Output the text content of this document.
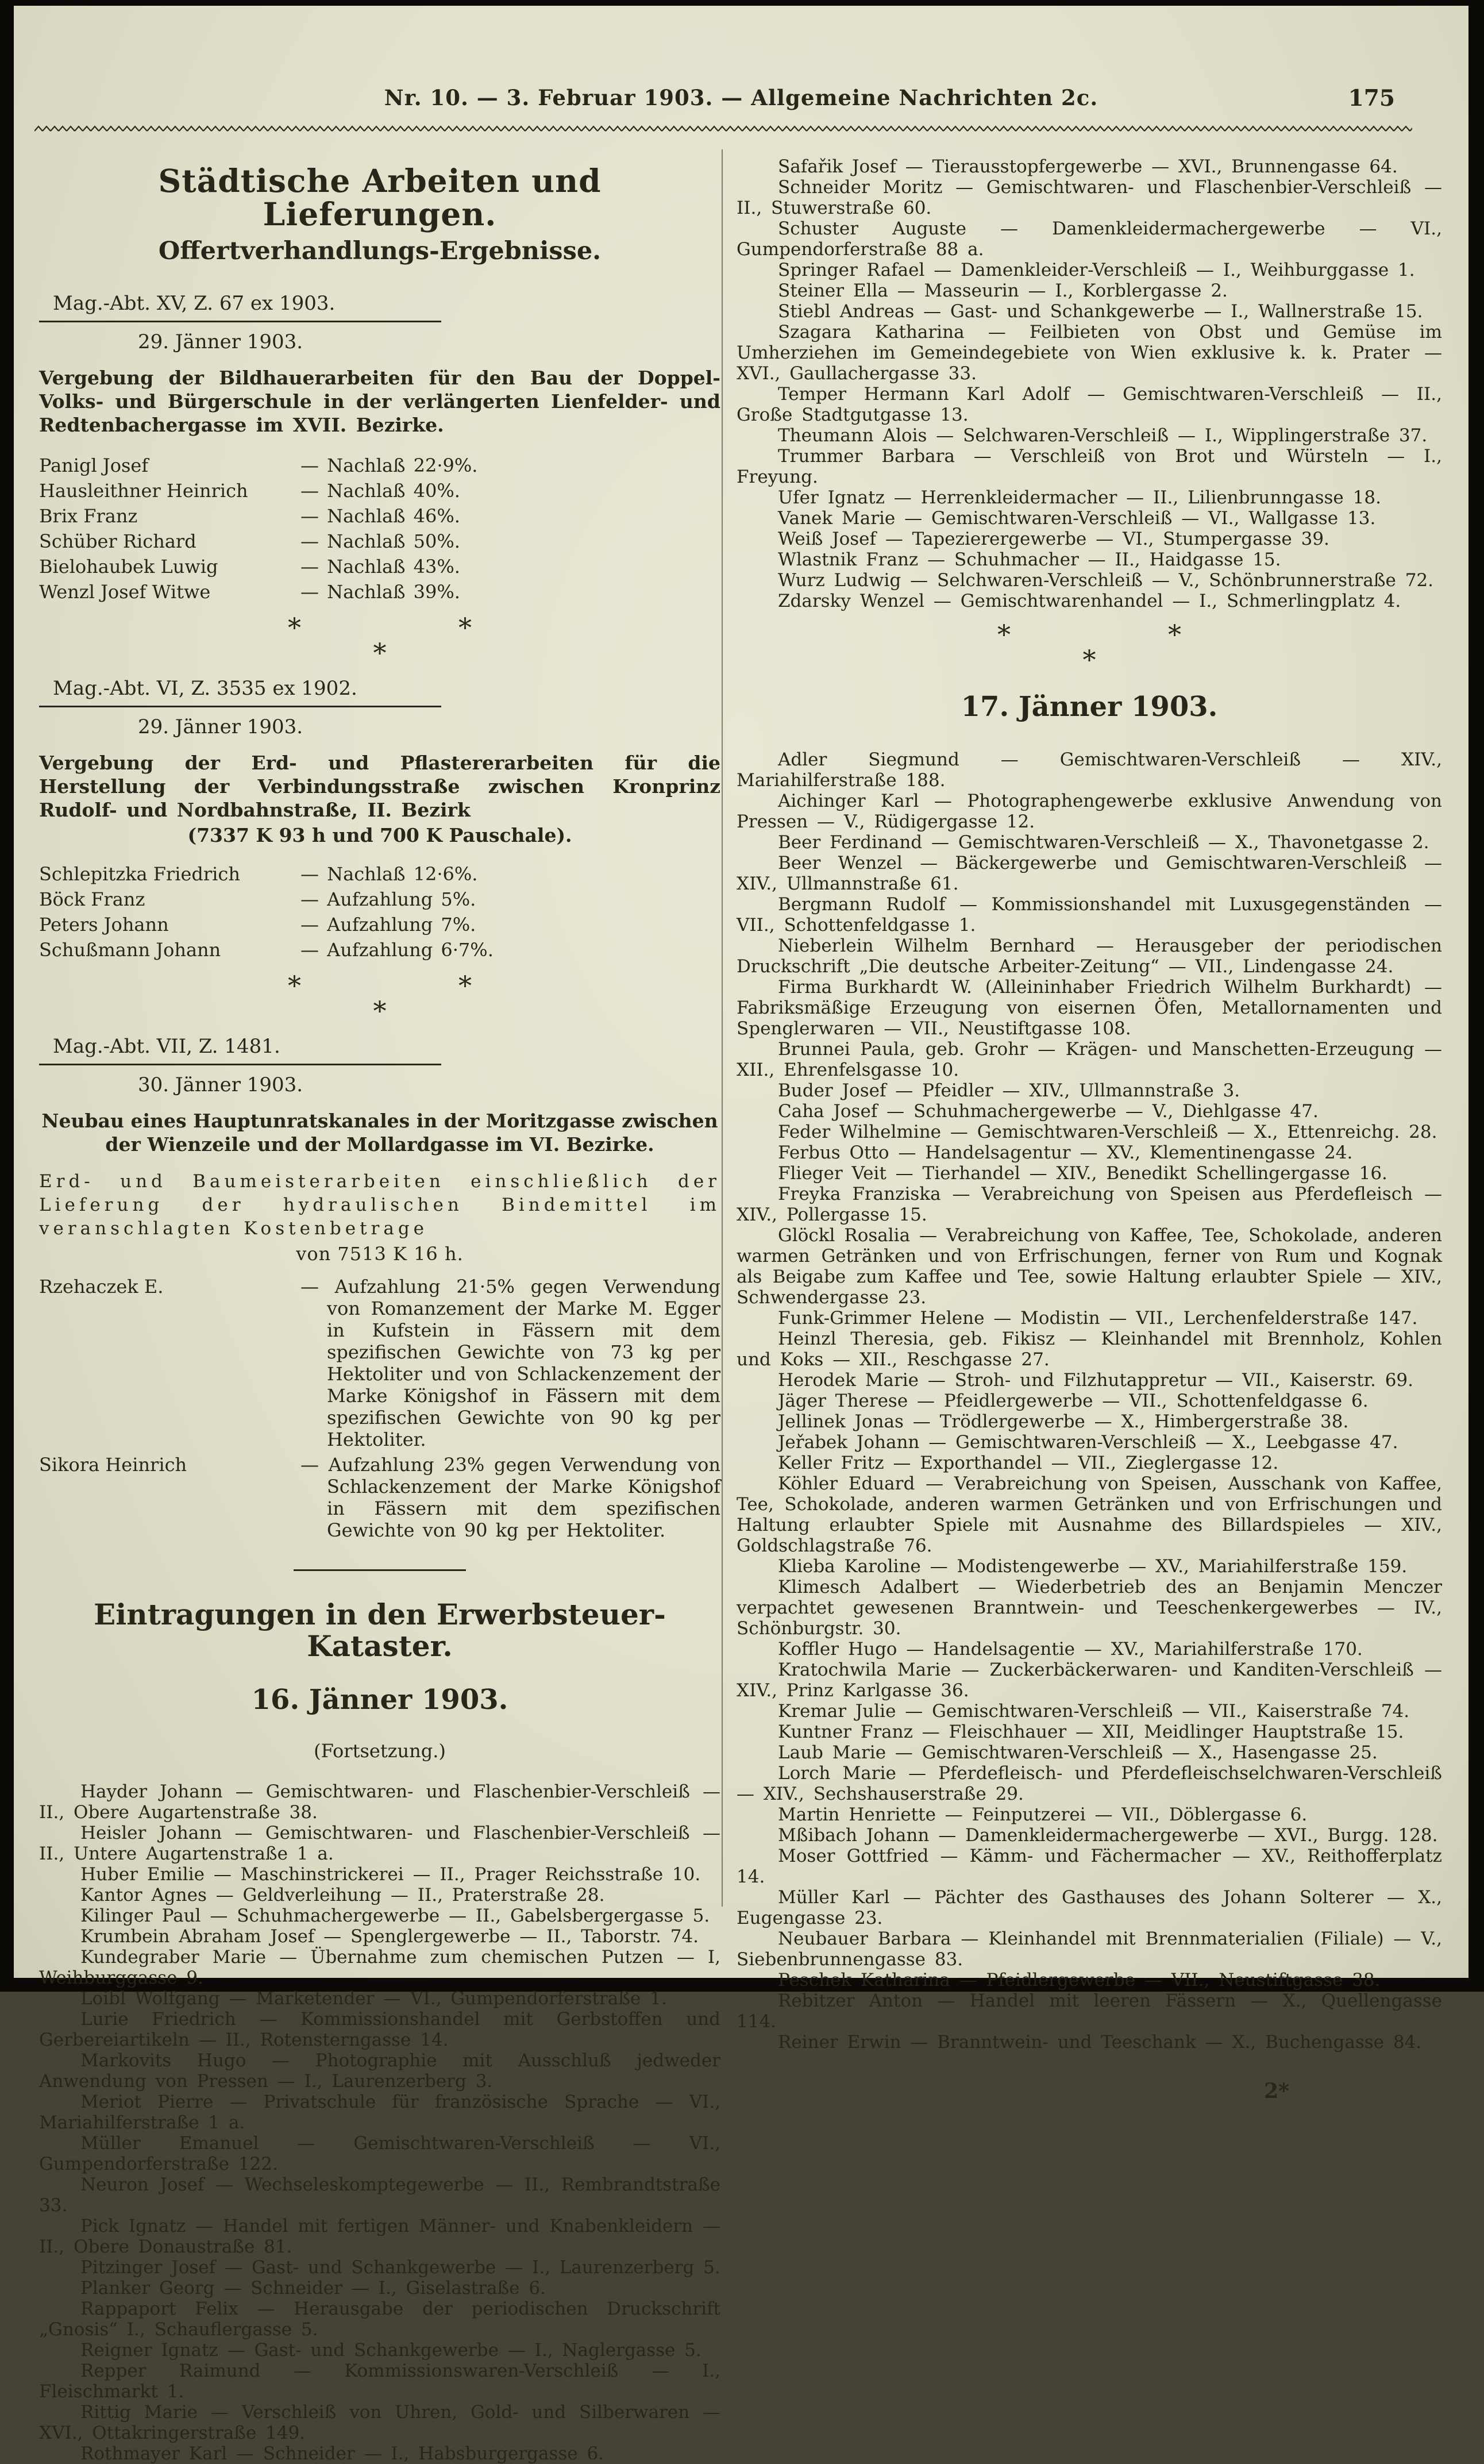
Nr. 10. — 3. Februar 1903. — Allgemeine Nachrichten 2c.	175
Städtische Arbeiten und Lieferungen.
Offertverhandlungs-Ergebnisse.
Mag.-Abt. XV, Z. 67 ex 1903.
29. Jänner 1903.

Vergebung der Bildhauerarbeiten für den Bau der Doppel-Volks- und Bürgerschule in der verlängerten Lienfelder- und Redtenbachergasse im XVII. Bezirke.

Panigl Josef	— Nachlaß 22·9%.
Hausleithner Heinrich	— Nachlaß 40%.
Brix Franz	— Nachlaß 46%.
Schüber Richard	— Nachlaß 50%.
Bielohaubek Luwig	— Nachlaß 43%.
Wenzl Josef Witwe	— Nachlaß 39%.
*	*
*
Mag.-Abt. VI, Z. 3535 ex 1902.
29. Jänner 1903.

Vergebung der Erd- und Pflastererarbeiten für die Herstellung der Verbindungsstraße zwischen Kronprinz Rudolf- und Nordbahnstraße, II. Bezirk

(7337 K 93 h und 700 K Pauschale).

Schlepitzka Friedrich	— Nachlaß 12·6%.
Böck Franz	— Aufzahlung 5%.
Peters Johann	— Aufzahlung 7%.
Schußmann Johann	— Aufzahlung 6·7%.
*	*
*
Mag.-Abt. VII, Z. 1481.
30. Jänner 1903.

Neubau eines Hauptunratskanales in der Moritzgasse zwischen der Wienzeile und der Mollardgasse im VI. Bezirke.

Erd- und Baumeisterarbeiten einschließlich der Lieferung der hydraulischen Bindemittel im veranschlagten Kostenbetrage

von 7513 K 16 h.

Rzehaczek E.	— Aufzahlung 21·5% gegen Verwendung von Romanzement der Marke M. Egger in Kufstein in Fässern mit dem spezifischen Gewichte von 73 kg per Hektoliter und von Schlackenzement der Marke Königshof in Fässern mit dem spezifischen Gewichte von 90 kg per Hektoliter.
Sikora Heinrich	— Aufzahlung 23% gegen Verwendung von Schlackenzement der Marke Königshof in Fässern mit dem spezifischen Gewichte von 90 kg per Hektoliter.
Eintragungen in den Erwerbsteuer-Kataster.
16. Jänner 1903.
(Fortsetzung.)

Hayder Johann — Gemischtwaren- und Flaschenbier-Verschleiß — II., Obere Augartenstraße 38.

Heisler Johann — Gemischtwaren- und Flaschenbier-Verschleiß — II., Untere Augartenstraße 1 a.

Huber Emilie — Maschinstrickerei — II., Prager Reichsstraße 10.

Kantor Agnes — Geldverleihung — II., Praterstraße 28.

Kilinger Paul — Schuhmachergewerbe — II., Gabelsbergergasse 5.

Krumbein Abraham Josef — Spenglergewerbe — II., Taborstr. 74.

Kundegraber Marie — Übernahme zum chemischen Putzen — I, Weihburggasse 9.

Loibl Wolfgang — Marketender — VI., Gumpendorferstraße 1.

Lurie Friedrich — Kommissionshandel mit Gerbstoffen und Gerbereiartikeln — II., Rotensterngasse 14.

Markovits Hugo — Photographie mit Ausschluß jedweder Anwendung von Pressen — I., Laurenzerberg 3.

Meriot Pierre — Privatschule für französische Sprache — VI., Mariahilferstraße 1 a.

Müller Emanuel — Gemischtwaren-Verschleiß — VI., Gumpendorferstraße 122.

Neuron Josef — Wechseleskomptegewerbe — II., Rembrandtstraße 33.

Pick Ignatz — Handel mit fertigen Männer- und Knabenkleidern — II., Obere Donaustraße 81.

Pitzinger Josef — Gast- und Schankgewerbe — I., Laurenzerberg 5.

Planker Georg — Schneider — I., Giselastraße 6.

Rappaport Felix — Herausgabe der periodischen Druckschrift „Gnosis“ I., Schauflergasse 5.

Reigner Ignatz — Gast- und Schankgewerbe — I., Naglergasse 5.

Repper Raimund — Kommissionswaren-Verschleiß — I., Fleischmarkt 1.

Rittig Marie — Verschleiß von Uhren, Gold- und Silberwaren — XVI., Ottakringerstraße 149.

Rothmayer Karl — Schneider — I., Habsburgergasse 6.

Safařik Josef — Tierausstopfergewerbe — XVI., Brunnengasse 64.

Schneider Moritz — Gemischtwaren- und Flaschenbier-Verschleiß — II., Stuwerstraße 60.

Schuster Auguste — Damenkleidermachergewerbe — VI., Gumpendorferstraße 88 a.

Springer Rafael — Damenkleider-Verschleiß — I., Weihburggasse 1.

Steiner Ella — Masseurin — I., Korblergasse 2.

Stiebl Andreas — Gast- und Schankgewerbe — I., Wallnerstraße 15.

Szagara Katharina — Feilbieten von Obst und Gemüse im Umherziehen im Gemeindegebiete von Wien exklusive k. k. Prater — XVI., Gaullachergasse 33.

Temper Hermann Karl Adolf — Gemischtwaren-Verschleiß — II., Große Stadtgutgasse 13.

Theumann Alois — Selchwaren-Verschleiß — I., Wipplingerstraße 37.

Trummer Barbara — Verschleiß von Brot und Würsteln — I., Freyung.

Ufer Ignatz — Herrenkleidermacher — II., Lilienbrunngasse 18.

Vanek Marie — Gemischtwaren-Verschleiß — VI., Wallgasse 13.

Weiß Josef — Tapezierergewerbe — VI., Stumpergasse 39.

Wlastnik Franz — Schuhmacher — II., Haidgasse 15.

Wurz Ludwig — Selchwaren-Verschleiß — V., Schönbrunnerstraße 72.

Zdarsky Wenzel — Gemischtwarenhandel — I., Schmerlingplatz 4.

*	*
*
17. Jänner 1903.

Adler Siegmund — Gemischtwaren-Verschleiß — XIV., Mariahilferstraße 188.

Aichinger Karl — Photographengewerbe exklusive Anwendung von Pressen — V., Rüdigergasse 12.

Beer Ferdinand — Gemischtwaren-Verschleiß — X., Thavonetgasse 2.

Beer Wenzel — Bäckergewerbe und Gemischtwaren-Verschleiß — XIV., Ullmannstraße 61.

Bergmann Rudolf — Kommissionshandel mit Luxusgegenständen — VII., Schottenfeldgasse 1.

Nieberlein Wilhelm Bernhard — Herausgeber der periodischen Druckschrift „Die deutsche Arbeiter-Zeitung“ — VII., Lindengasse 24.

Firma Burkhardt W. (Alleininhaber Friedrich Wilhelm Burkhardt) — Fabriksmäßige Erzeugung von eisernen Öfen, Metallornamenten und Spenglerwaren — VII., Neustiftgasse 108.

Brunnei Paula, geb. Grohr — Krägen- und Manschetten-Erzeugung — XII., Ehrenfelsgasse 10.

Buder Josef — Pfeidler — XIV., Ullmannstraße 3.

Caha Josef — Schuhmachergewerbe — V., Diehlgasse 47.

Feder Wilhelmine — Gemischtwaren-Verschleiß — X., Ettenreichg. 28.

Ferbus Otto — Handelsagentur — XV., Klementinengasse 24.

Flieger Veit — Tierhandel — XIV., Benedikt Schellingergasse 16.

Freyka Franziska — Verabreichung von Speisen aus Pferdefleisch — XIV., Pollergasse 15.

Glöckl Rosalia — Verabreichung von Kaffee, Tee, Schokolade, anderen warmen Getränken und von Erfrischungen, ferner von Rum und Kognak als Beigabe zum Kaffee und Tee, sowie Haltung erlaubter Spiele — XIV., Schwendergasse 23.

Funk-Grimmer Helene — Modistin — VII., Lerchenfelderstraße 147.

Heinzl Theresia, geb. Fikisz — Kleinhandel mit Brennholz, Kohlen und Koks — XII., Reschgasse 27.

Herodek Marie — Stroh- und Filzhutappretur — VII., Kaiserstr. 69.

Jäger Therese — Pfeidlergewerbe — VII., Schottenfeldgasse 6.

Jellinek Jonas — Trödlergewerbe — X., Himbergerstraße 38.

Jeřabek Johann — Gemischtwaren-Verschleiß — X., Leebgasse 47.

Keller Fritz — Exporthandel — VII., Zieglergasse 12.

Köhler Eduard — Verabreichung von Speisen, Ausschank von Kaffee, Tee, Schokolade, anderen warmen Getränken und von Erfrischungen und Haltung erlaubter Spiele mit Ausnahme des Billardspieles — XIV., Goldschlagstraße 76.

Klieba Karoline — Modistengewerbe — XV., Mariahilferstraße 159.

Klimesch Adalbert — Wiederbetrieb des an Benjamin Menczer verpachtet gewesenen Branntwein- und Teeschenkergewerbes — IV., Schönburgstr. 30.

Koffler Hugo — Handelsagentie — XV., Mariahilferstraße 170.

Kratochwila Marie — Zuckerbäckerwaren- und Kanditen-Verschleiß — XIV., Prinz Karlgasse 36.

Kremar Julie — Gemischtwaren-Verschleiß — VII., Kaiserstraße 74.

Kuntner Franz — Fleischhauer — XII, Meidlinger Hauptstraße 15.

Laub Marie — Gemischtwaren-Verschleiß — X., Hasengasse 25.

Lorch Marie — Pferdefleisch- und Pferdefleischselchwaren-Verschleiß — XIV., Sechshauserstraße 29.

Martin Henriette — Feinputzerei — VII., Döblergasse 6.

Mßibach Johann — Damenkleidermachergewerbe — XVI., Burgg. 128.

Moser Gottfried — Kämm- und Fächermacher — XV., Reithofferplatz 14.

Müller Karl — Pächter des Gasthauses des Johann Solterer — X., Eugengasse 23.

Neubauer Barbara — Kleinhandel mit Brennmaterialien (Filiale) — V., Siebenbrunnengasse 83.

Peschek Katharina — Pfeidlergewerbe — VII., Neustiftgasse 38.

Rebitzer Anton — Handel mit leeren Fässern — X., Quellengasse 114.

Reiner Erwin — Branntwein- und Teeschank — X., Buchengasse 84.

2*
